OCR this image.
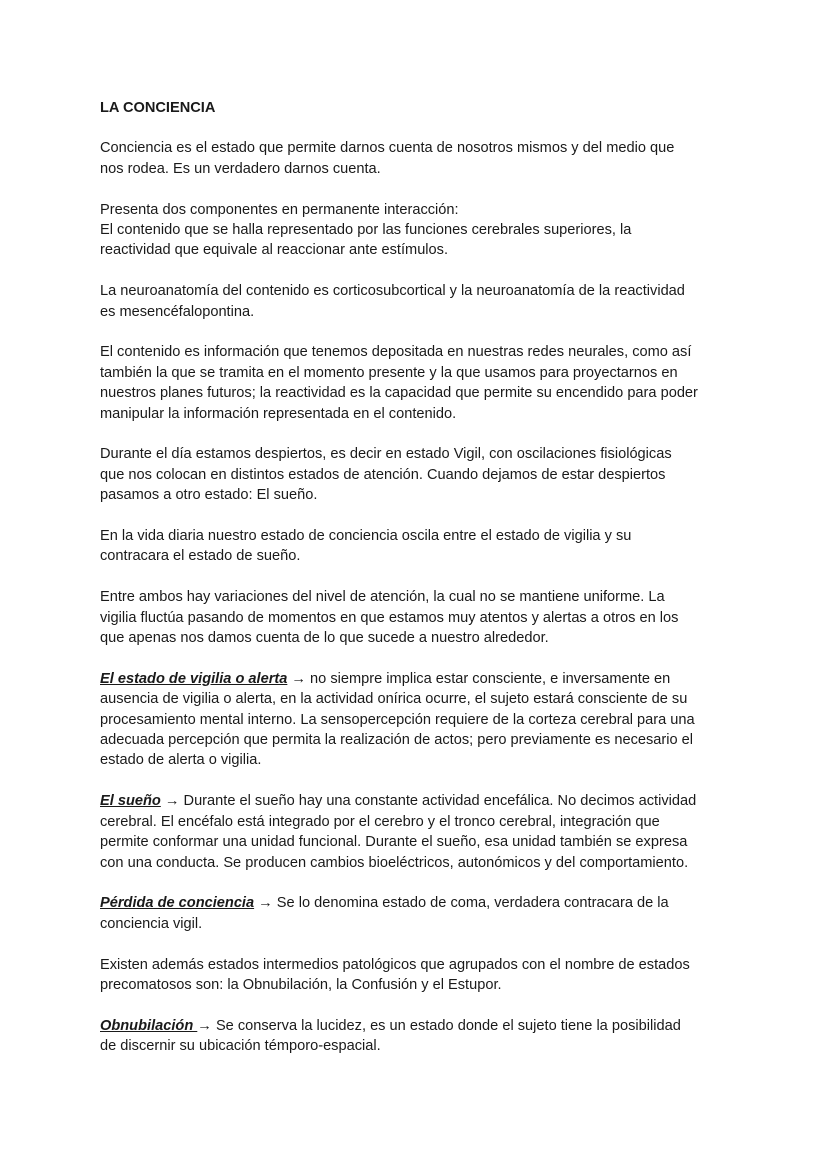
LA CONCIENCIA

Conciencia es el estado que permite darnos cuenta de nosotros mismos y del medio que
nos rodea. Es un verdadero darnos cuenta.

Presenta dos componentes en permanente interacción:
El contenido que se halla representado por las funciones cerebrales superiores, la
reactividad que equivale al reaccionar ante estímulos.

La neuroanatomía del contenido es corticosubcortical y la neuroanatomía de la reactividad
es mesencéfalopontina.

El contenido es información que tenemos depositada en nuestras redes neurales, como así
también la que se tramita en el momento presente y la que usamos para proyectarnos en
nuestros planes futuros; la reactividad es la capacidad que permite su encendido para poder
manipular la información representada en el contenido.

Durante el día estamos despiertos, es decir en estado Vigil, con oscilaciones fisiológicas
que nos colocan en distintos estados de atención. Cuando dejamos de estar despiertos
pasamos a otro estado: El sueño.

En la vida diaria nuestro estado de conciencia oscila entre el estado de vigilia y su
contracara el estado de sueño.

Entre ambos hay variaciones del nivel de atención, la cual no se mantiene uniforme. La
vigilia fluctúa pasando de momentos en que estamos muy atentos y alertas a otros en los
que apenas nos damos cuenta de lo que sucede a nuestro alrededor.

El estado de vigilia o alerta → no siempre implica estar consciente, e inversamente en
ausencia de vigilia o alerta, en la actividad onírica ocurre, el sujeto estará consciente de su
procesamiento mental interno. La sensopercepción requiere de la corteza cerebral para una
adecuada percepción que permita la realización de actos; pero previamente es necesario el
estado de alerta o vigilia.

El sueño → Durante el sueño hay una constante actividad encefálica. No decimos actividad
cerebral. El encéfalo está integrado por el cerebro y el tronco cerebral, integración que
permite conformar una unidad funcional. Durante el sueño, esa unidad también se expresa
con una conducta. Se producen cambios bioeléctricos, autonómicos y del comportamiento.

Pérdida de conciencia → Se lo denomina estado de coma, verdadera contracara de la
conciencia vigil.

Existen además estados intermedios patológicos que agrupados con el nombre de estados
precomatosos son: la Obnubilación, la Confusión y el Estupor.

Obnubilación → Se conserva la lucidez, es un estado donde el sujeto tiene la posibilidad
de discernir su ubicación témporo-espacial.
